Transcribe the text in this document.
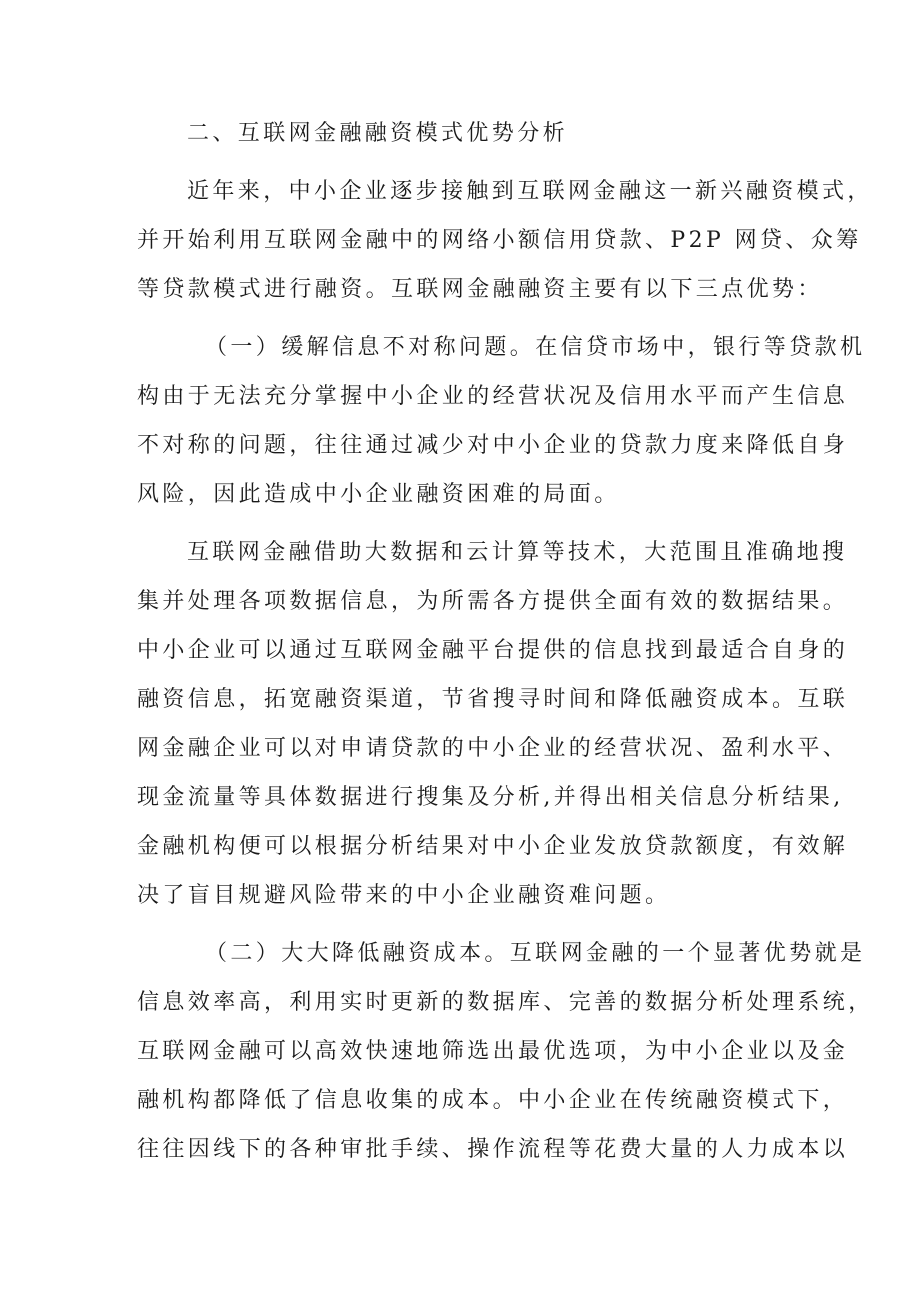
二、互联网金融融资模式优势分析
近年来，中小企业逐步接触到互联网金融这一新兴融资模式，
并开始利用互联网金融中的网络小额信用贷款、P2P 网贷、众筹
等贷款模式进行融资。互联网金融融资主要有以下三点优势：
（一）缓解信息不对称问题。在信贷市场中，银行等贷款机
构由于无法充分掌握中小企业的经营状况及信用水平而产生信息
不对称的问题，往往通过减少对中小企业的贷款力度来降低自身
风险，因此造成中小企业融资困难的局面。
互联网金融借助大数据和云计算等技术，大范围且准确地搜
集并处理各项数据信息，为所需各方提供全面有效的数据结果。
中小企业可以通过互联网金融平台提供的信息找到最适合自身的
融资信息，拓宽融资渠道，节省搜寻时间和降低融资成本。互联
网金融企业可以对申请贷款的中小企业的经营状况、盈利水平、
现金流量等具体数据进行搜集及分析,并得出相关信息分析结果,
金融机构便可以根据分析结果对中小企业发放贷款额度，有效解
决了盲目规避风险带来的中小企业融资难问题。
（二）大大降低融资成本。互联网金融的一个显著优势就是
信息效率高，利用实时更新的数据库、完善的数据分析处理系统，
互联网金融可以高效快速地筛选出最优选项，为中小企业以及金
融机构都降低了信息收集的成本。中小企业在传统融资模式下，
往往因线下的各种审批手续、操作流程等花费大量的人力成本以
